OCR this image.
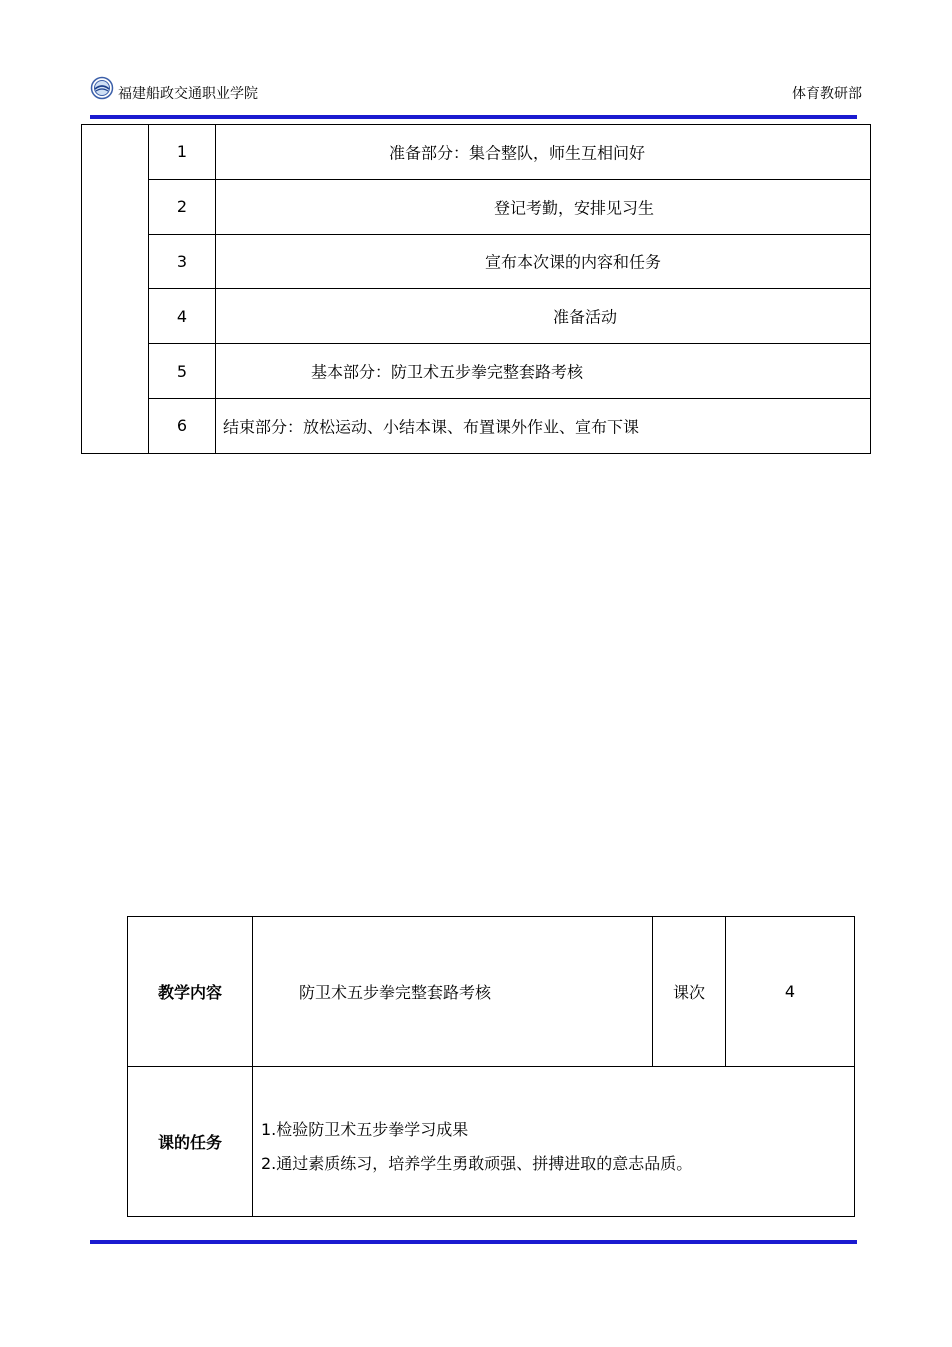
福建船政交通职业学院	体育教研部
	1	准备部分：集合整队，师生互相问好

	2	登记考勤，安排见习生

	3	宣布本次课的内容和任务

	4	准备活动

	5	基本部分：防卫术五步拳完整套路考核

	6	结束部分：放松运动、小结本课、布置课外作业、宣布下课
教学内容	防卫术五步拳完整套路考核	课次	4
课的任务	1.检验防卫术五步拳学习成果
2.通过素质练习，培养学生勇敢顽强、拼搏进取的意志品质。		
